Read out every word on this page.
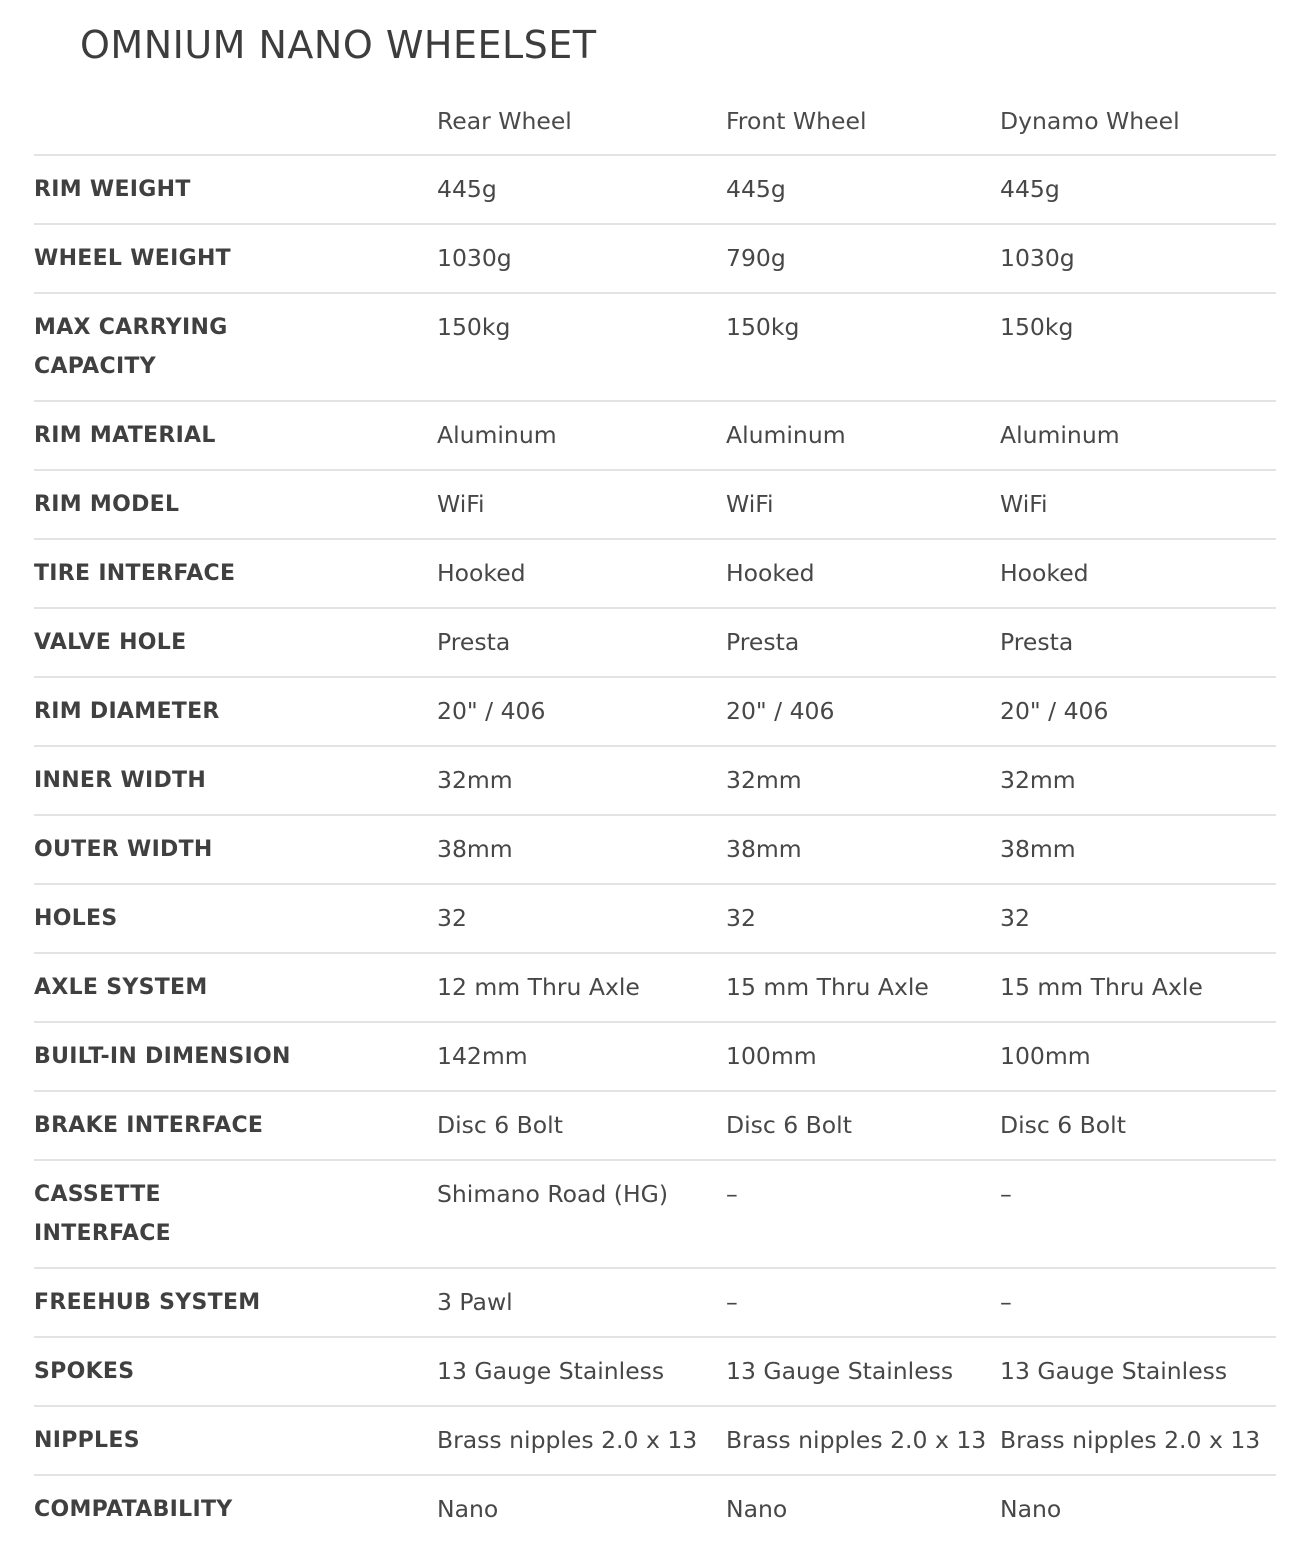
OMNIUM NANO WHEELSET
	Rear Wheel	Front Wheel	Dynamo Wheel

RIM WEIGHT	445g	445g	445g

WHEEL WEIGHT	1030g	790g	1030g

MAX CARRYING CAPACITY	150kg	150kg	150kg

RIM MATERIAL	Aluminum	Aluminum	Aluminum

RIM MODEL	WiFi	WiFi	WiFi

TIRE INTERFACE	Hooked	Hooked	Hooked

VALVE HOLE	Presta	Presta	Presta

RIM DIAMETER	20" / 406	20" / 406	20" / 406

INNER WIDTH	32mm	32mm	32mm

OUTER WIDTH	38mm	38mm	38mm

HOLES	32	32	32

AXLE SYSTEM	12 mm Thru Axle	15 mm Thru Axle	15 mm Thru Axle

BUILT-IN DIMENSION	142mm	100mm	100mm

BRAKE INTERFACE	Disc 6 Bolt	Disc 6 Bolt	Disc 6 Bolt

CASSETTE INTERFACE	Shimano Road (HG)	–	–

FREEHUB SYSTEM	3 Pawl	–	–

SPOKES	13 Gauge Stainless	13 Gauge Stainless	13 Gauge Stainless

NIPPLES	Brass nipples 2.0 x 13	Brass nipples 2.0 x 13	Brass nipples 2.0 x 13

COMPATABILITY	Nano	Nano	Nano
